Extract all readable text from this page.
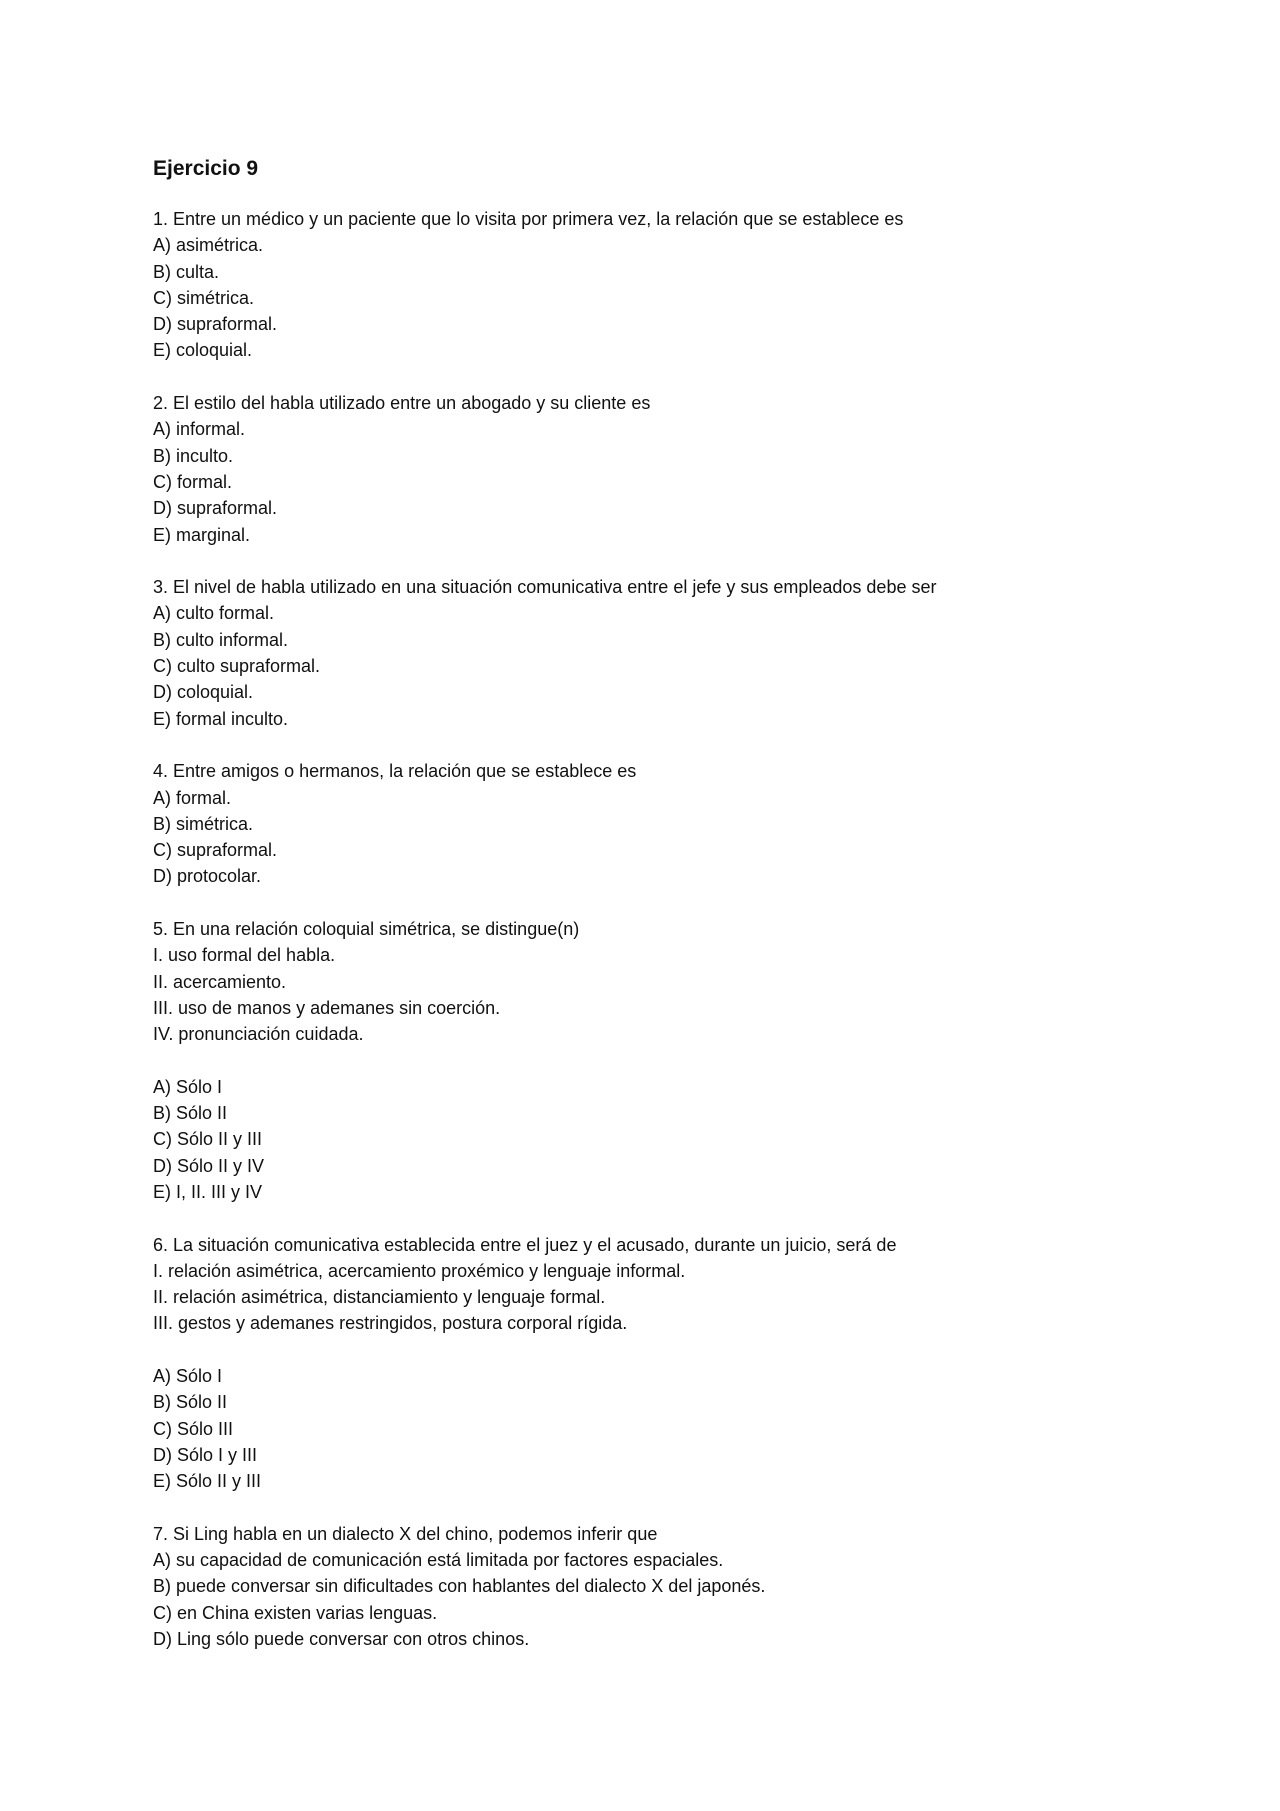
Ejercicio 9
1. Entre un médico y un paciente que lo visita por primera vez, la relación que se establece es
A) asimétrica.
B) culta.
C) simétrica.
D) supraformal.
E) coloquial.
2. El estilo del habla utilizado entre un abogado y su cliente es
A) informal.
B) inculto.
C) formal.
D) supraformal.
E) marginal.
3. El nivel de habla utilizado en una situación comunicativa entre el jefe y sus empleados debe ser
A) culto formal.
B) culto informal.
C) culto supraformal.
D) coloquial.
E) formal inculto.
4. Entre amigos o hermanos, la relación que se establece es
A) formal.
B) simétrica.
C) supraformal.
D) protocolar.
5. En una relación coloquial simétrica, se distingue(n)
I. uso formal del habla.
II. acercamiento.
III. uso de manos y ademanes sin coerción.
IV. pronunciación cuidada.
A) Sólo I
B) Sólo II
C) Sólo II y III
D) Sólo II y IV
E) I, II. III y IV
6. La situación comunicativa establecida entre el juez y el acusado, durante un juicio, será de
I. relación asimétrica, acercamiento proxémico y lenguaje informal.
II. relación asimétrica, distanciamiento y lenguaje formal.
III. gestos y ademanes restringidos, postura corporal rígida.
A) Sólo I
B) Sólo II
C) Sólo III
D) Sólo I y III
E) Sólo II y III
7. Si Ling habla en un dialecto X del chino, podemos inferir que
A) su capacidad de comunicación está limitada por factores espaciales.
B) puede conversar sin dificultades con hablantes del dialecto X del japonés.
C) en China existen varias lenguas.
D) Ling sólo puede conversar con otros chinos.
